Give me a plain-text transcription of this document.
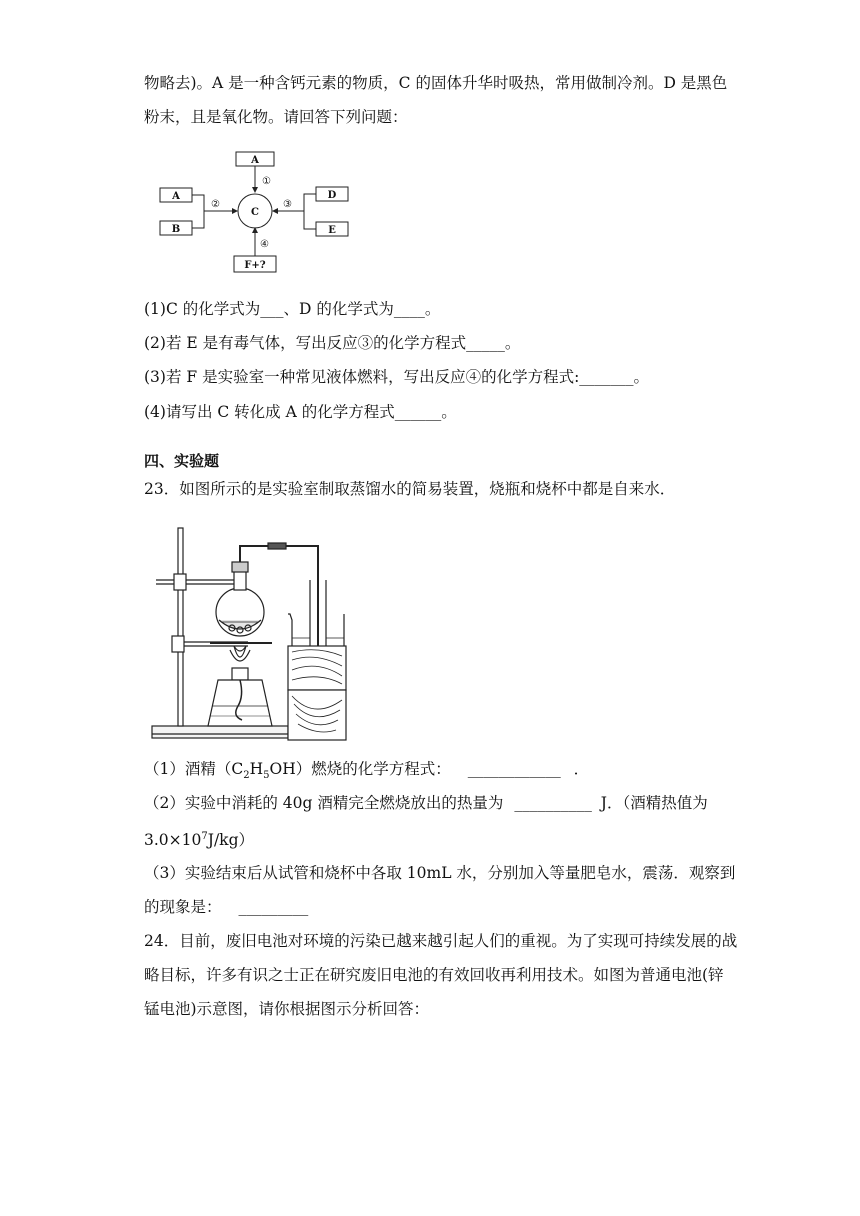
物略去)。A 是一种含钙元素的物质，C 的固体升华时吸热，常用做制冷剂。D 是黑色
粉末，且是氧化物。请回答下列问题：
A
①
C
A
B
②
D
E
③
F+?
④
(1)C 的化学式为___、D 的化学式为____。
(2)若 E 是有毒气体，写出反应③的化学方程式_____。
(3)若 F 是实验室一种常见液体燃料，写出反应④的化学方程式:_______。
(4)请写出 C 转化成 A 的化学方程式______。
四、实验题
23．如图所示的是实验室制取蒸馏水的简易装置，烧瓶和烧杯中都是自来水．
（1）酒精$(C_2H_5OH)$燃烧的化学方程式： ____________ ．
（2）实验中消耗的 40g 酒精完全燃烧放出的热量为 __________ J．（酒精热值为
$3.0\times 10^7J/kg$）
（3）实验结束后从试管和烧杯中各取 10mL 水，分别加入等量肥皂水，震荡．观察到
的现象是： _________
24．目前，废旧电池对环境的污染已越来越引起人们的重视。为了实现可持续发展的战
略目标，许多有识之士正在研究废旧电池的有效回收再利用技术。如图为普通电池(锌
锰电池)示意图，请你根据图示分析回答：
